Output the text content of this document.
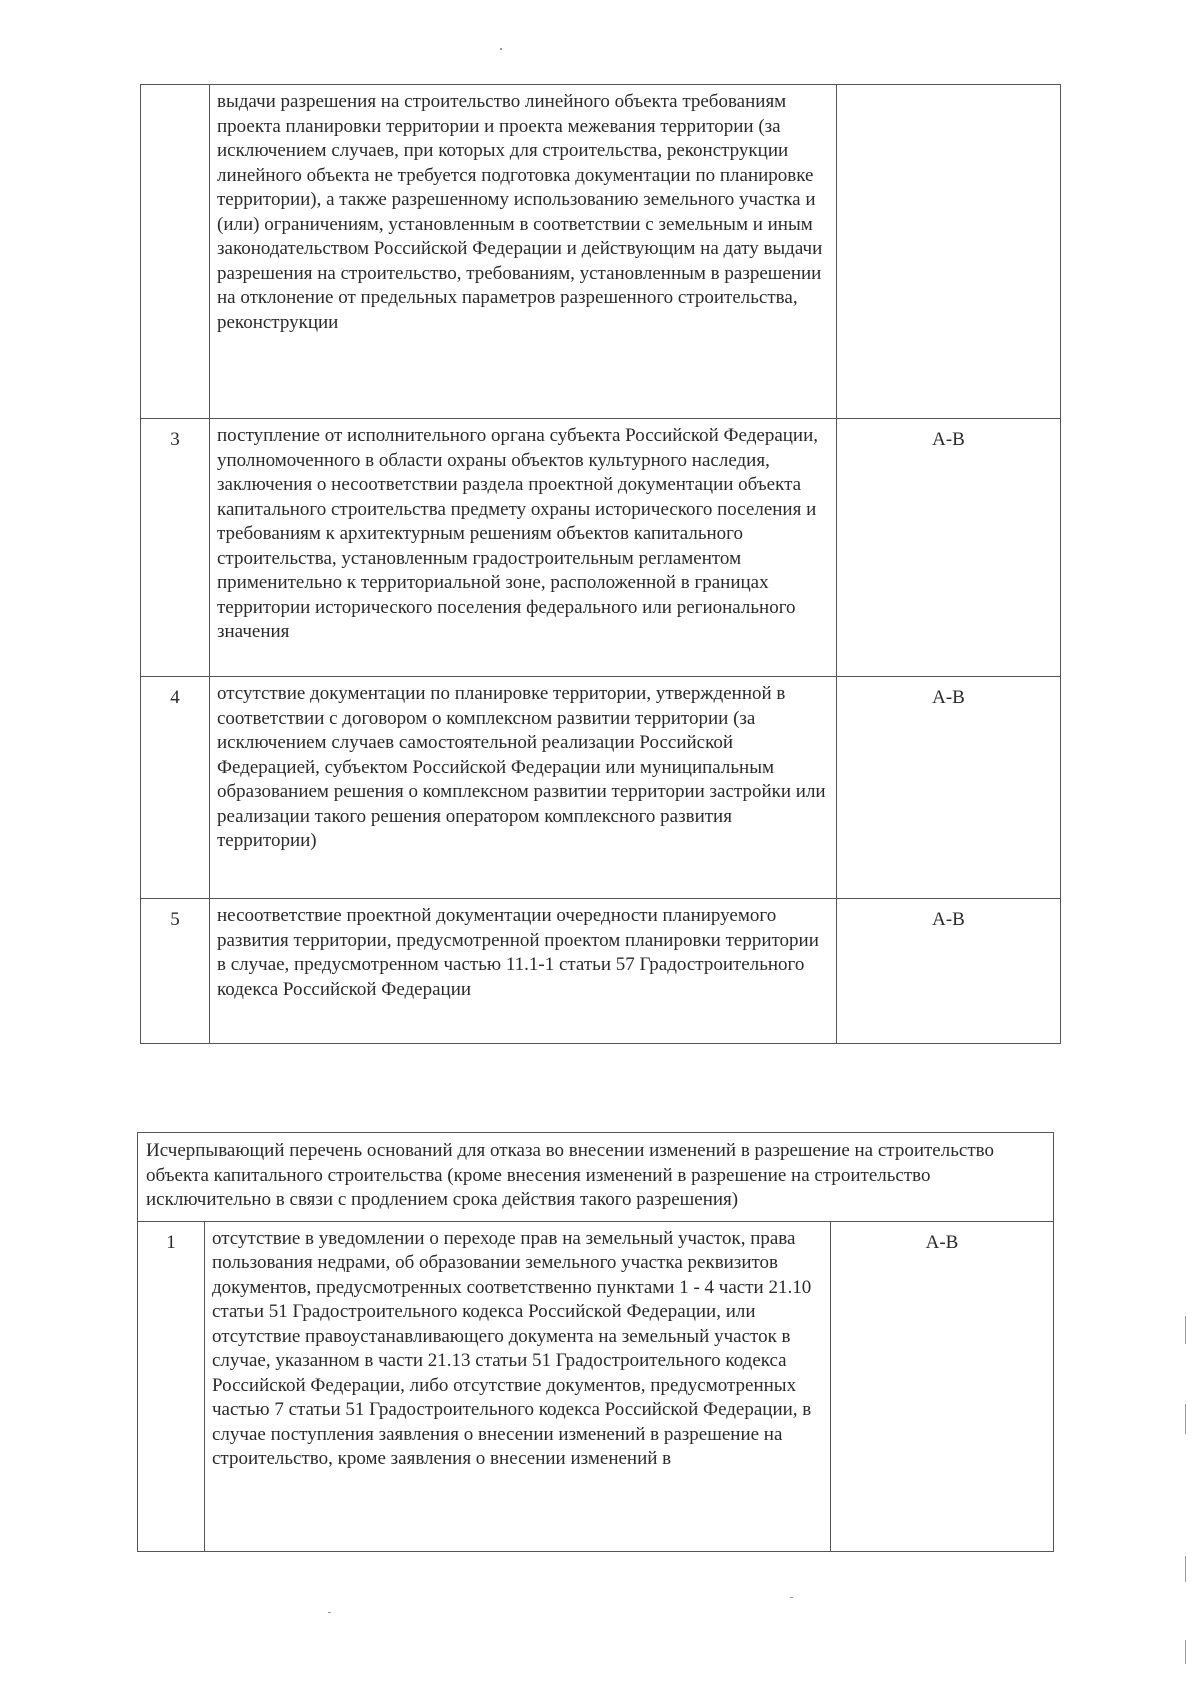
	выдачи разрешения на строительство линейного объекта требованиям проекта планировки территории и проекта межевания территории (за исключением случаев, при которых для строительства, реконструкции линейного объекта не требуется подготовка документации по планировке территории), а также разрешенному использованию земельного участка и (или) ограничениям, установленным в соответствии с земельным и иным законодательством Российской Федерации и действующим на дату выдачи разрешения на строительство, требованиям, установленным в разрешении на отклонение от предельных параметров разрешенного строительства, реконструкции	
3	поступление от исполнительного органа субъекта Российской Федерации, уполномоченного в области охраны объектов культурного наследия, заключения о несоответствии раздела проектной документации объекта капитального строительства предмету охраны исторического поселения и требованиям к архитектурным решениям объектов капитального строительства, установленным градостроительным регламентом применительно к территориальной зоне, расположенной в границах территории исторического поселения федерального или регионального значения	А-В
4	отсутствие документации по планировке территории, утвержденной в соответствии с договором о комплексном развитии территории (за исключением случаев самостоятельной реализации Российской Федерацией, субъектом Российской Федерации или муниципальным образованием решения о комплексном развитии территории застройки или реализации такого решения оператором комплексного развития территории)	А-В
5	несоответствие проектной документации очередности планируемого развития территории, предусмотренной проектом планировки территории в случае, предусмотренном частью 11.1-1 статьи 57 Градостроительного кодекса Российской Федерации	А-В
Исчерпывающий перечень оснований для отказа во внесении изменений в разрешение на строительство объекта капитального строительства (кроме внесения изменений в разрешение на строительство исключительно в связи с продлением срока действия такого разрешения)
1	отсутствие в уведомлении о переходе прав на земельный участок, права пользования недрами, об образовании земельного участка реквизитов документов, предусмотренных соответственно пунктами 1 - 4 части 21.10 статьи 51 Градостроительного кодекса Российской Федерации, или отсутствие правоустанавливающего документа на земельный участок в случае, указанном в части 21.13 статьи 51 Градостроительного кодекса Российской Федерации, либо отсутствие документов, предусмотренных частью 7 статьи 51 Градостроительного кодекса Российской Федерации, в случае поступления заявления о внесении изменений в разрешение на строительство, кроме заявления о внесении изменений в	А-В
